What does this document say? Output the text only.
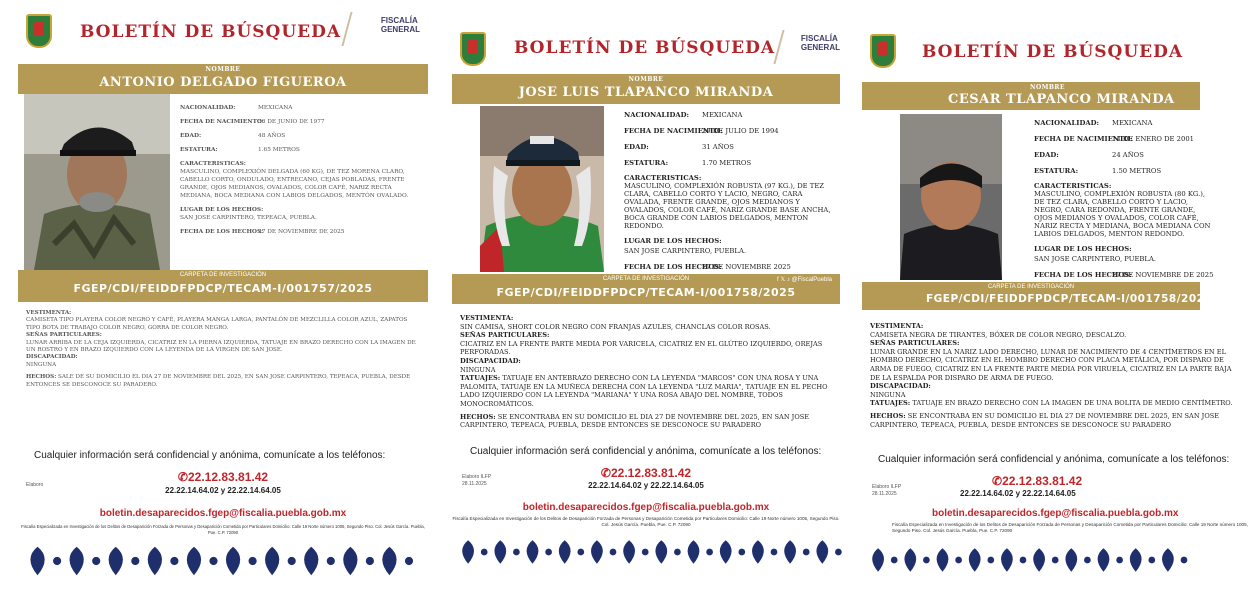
BOLETÍN DE BÚSQUEDA
FISCALÍA
GENERAL
NOMBRE
ANTONIO DELGADO FIGUEROA
NACIONALIDAD:	MEXICANA
FECHA DE NACIMIENTO:30 DE JUNIO DE 1977
EDAD:	48 AÑOS
ESTATURA:	1.65 METROS
CARACTERISTICAS:
MASCULINO, COMPLEXIÓN DELGADA (60 KG), DE TEZ MORENA CLARO, CABELLO CORTO, ONDULADO, ENTRECANO, CEJAS POBLADAS, FRENTE GRANDE, OJOS MEDIANOS, OVALADOS, COLOR CAFÉ, NARIZ RECTA MEDIANA, BOCA MEDIANA CON LABIOS DELGADOS, MENTÓN OVALADO.
LUGAR DE LOS HECHOS:
SAN JOSE CARPINTERO, TEPEACA, PUEBLA.
FECHA DE LOS HECHOS:27 DE NOVIEMBRE DE 2025
CARPETA DE INVESTIGACIÓN
FGEP/CDI/FEIDDFPDCP/TECAM-I/001757/2025

VESTIMENTA:
CAMISETA TIPO PLAYERA COLOR NEGRO Y CAFÉ, PLAYERA MANGA LARGA, PANTALÓN DE MEZCLILLA COLOR AZUL, ZAPATOS TIPO BOTA DE TRABAJO COLOR NEGRO, GORRA DE COLOR NEGRO.

SEÑAS PARTICULARES:
LUNAR ARRIBA DE LA CEJA IZQUIERDA, CICATRIZ EN LA PIERNA IZQUIERDA, TATUAJE EN BRAZO DERECHO CON LA IMAGEN DE UN ROSTRO Y EN BRAZO IZQUIERDO CON LA LEYENDA DE LA VIRGEN DE SAN JOSE.

DISCAPACIDAD:
NINGUNA

HECHOS: SALE DE SU DOMICILIO EL DIA 27 DE NOVIEMBRE DEL 2025, EN SAN JOSE CARPINTERO, TEPEACA, PUEBLA, DESDE ENTONCES SE DESCONOCE SU PARADERO.

Cualquier información será confidencial y anónima, comunícate a los teléfonos:
Elaboro

✆22.12.83.81.42
22.22.14.64.02 y 22.22.14.64.05
boletin.desaparecidos.fgep@fiscalia.puebla.gob.mx
Fiscalía Especializada en Investigación de los Delitos de Desaparición Forzada de Personas y Desaparición Cometida por Particulares Domicilio: Calle 19 Norte número 1005, Segundo Piso. Col. Jesús García. Puebla, Pue. C.P. 72090
BOLETÍN DE BÚSQUEDA	FISCALÍA
GENERAL
NOMBRE
JOSE LUIS TLAPANCO MIRANDA
NACIONALIDAD: MEXICANA
FECHA DE NACIMIENTO:29 DE JULIO DE 1994
EDAD:	31 AÑOS
ESTATURA:	1.70 METROS
CARACTERISTICAS:
MASCULINO, COMPLEXIÓN ROBUSTA (97 KG.), DE TEZ CLARA, CABELLO CORTO Y LACIO, NEGRO, CARA OVALADA, FRENTE GRANDE, OJOS MEDIANOS Y OVALADOS, COLOR CAFÉ, NARIZ GRANDE BASE ANCHA, BOCA GRANDE CON LABIOS DELGADOS, MENTON REDONDO.
LUGAR DE LOS HECHOS:
SAN JOSE CARPINTERO, PUEBLA.
FECHA DE LOS HECHOS:27 DE NOVIEMBRE 2025
CARPETA DE INVESTIGACIÓN
FGEP/CDI/FEIDDFPDCP/TECAM-I/001758/2025
f 𝕏 ♪ @FiscalPuebla

VESTIMENTA:
SIN CAMISA, SHORT COLOR NEGRO CON FRANJAS AZULES, CHANCLAS COLOR ROSAS.

SEÑAS PARTICULARES:
CICATRIZ EN LA FRENTE PARTE MEDIA POR VARICELA, CICATRIZ EN EL GLÚTEO IZQUIERDO, OREJAS PERFORADAS.

DISCAPACIDAD:
NINGUNA

TATUAJES: TATUAJE EN ANTEBRAZO DERECHO CON LA LEYENDA "MARCOS" CON UNA ROSA Y UNA PALOMITA, TATUAJE EN LA MUÑECA DERECHA CON LA LEYENDA "LUZ MARIA", TATUAJE EN EL PECHO LADO IZQUIERDO CON LA LEYENDA "MARIANA" Y UNA ROSA ABAJO DEL NOMBRE, TODOS MONOCROMÁTICOS.

HECHOS: SE ENCONTRABA EN SU DOMICILIO EL DIA 27 DE NOVIEMBRE DEL 2025, EN SAN JOSE CARPINTERO, TEPEACA, PUEBLA, DESDE ENTONCES SE DESCONOCE SU PARADERO

Cualquier información será confidencial y anónima, comunícate a los teléfonos:
Elaboro ILFP
28.11.2025
✆22.12.83.81.42
22.22.14.64.02 y 22.22.14.64.05
boletin.desaparecidos.fgep@fiscalia.puebla.gob.mx
Fiscalía Especializada en Investigación de los Delitos de Desaparición Forzada de Personas y Desaparición Cometida por Particulares Domicilio: Calle 19 Norte número 1005, Segundo Piso. Col. Jesús García. Puebla, Pue. C.P. 72090
BOLETÍN DE BÚSQUEDA
NOMBRE
CESAR TLAPANCO MIRANDA
NACIONALIDAD: MEXICANA
FECHA DE NACIMIENTO:14 DE ENERO DE 2001
EDAD:	24 AÑOS
ESTATURA:	1.50 METROS
CARACTERISTICAS:
MASCULINO, COMPLEXIÓN ROBUSTA (80 KG.), DE TEZ CLARA, CABELLO CORTO Y LACIO, NEGRO, CARA REDONDA, FRENTE GRANDE, OJOS MEDIANOS Y OVALADOS, COLOR CAFÉ, NARIZ RECTA Y MEDIANA, BOCA MEDIANA CON LABIOS DELGADOS, MENTON REDONDO.
LUGAR DE LOS HECHOS:
SAN JOSE CARPINTERO, PUEBLA.
FECHA DE LOS HECHOS:27 DE NOVIEMBRE DE 2025
CARPETA DE INVESTIGACIÓN
FGEP/CDI/FEIDDFPDCP/TECAM-I/001758/2025

VESTIMENTA:
CAMISETA NEGRA DE TIRANTES, BÓXER DE COLOR NEGRO, DESCALZO.

SEÑAS PARTICULARES:
LUNAR GRANDE EN LA NARIZ LADO DERECHO, LUNAR DE NACIMIENTO DE 4 CENTÍMETROS EN EL HOMBRO DERECHO, CICATRIZ EN EL HOMBRO DERECHO CON PLACA METÁLICA, POR DISPARO DE ARMA DE FUEGO, CICATRIZ EN LA FRENTE PARTE MEDIA POR VIRUELA, CICATRIZ EN LA PARTE BAJA DE LA ESPALDA POR DISPARO DE ARMA DE FUEGO.

DISCAPACIDAD:
NINGUNA

TATUAJES: TATUAJE EN BRAZO DERECHO CON LA IMAGEN DE UNA BOLITA DE MEDIO CENTÍMETRO.

HECHOS: SE ENCONTRABA EN SU DOMICILIO EL DIA 27 DE NOVIEMBRE DEL 2025, EN SAN JOSE CARPINTERO, TEPEACA, PUEBLA, DESDE ENTONCES SE DESCONOCE SU PARADERO

Cualquier información será confidencial y anónima, comunícate a los teléfonos:
Elaboro ILFP
28.11.2025
✆22.12.83.81.42
22.22.14.64.02 y 22.22.14.64.05
boletin.desaparecidos.fgep@fiscalia.puebla.gob.mx
Fiscalía Especializada en Investigación de los Delitos de Desaparición Forzada de Personas y Desaparición Cometida por Particulares Domicilio: Calle 19 Norte número 1005, Segundo Piso. Col. Jesús García. Puebla, Pue. C.P. 72090
